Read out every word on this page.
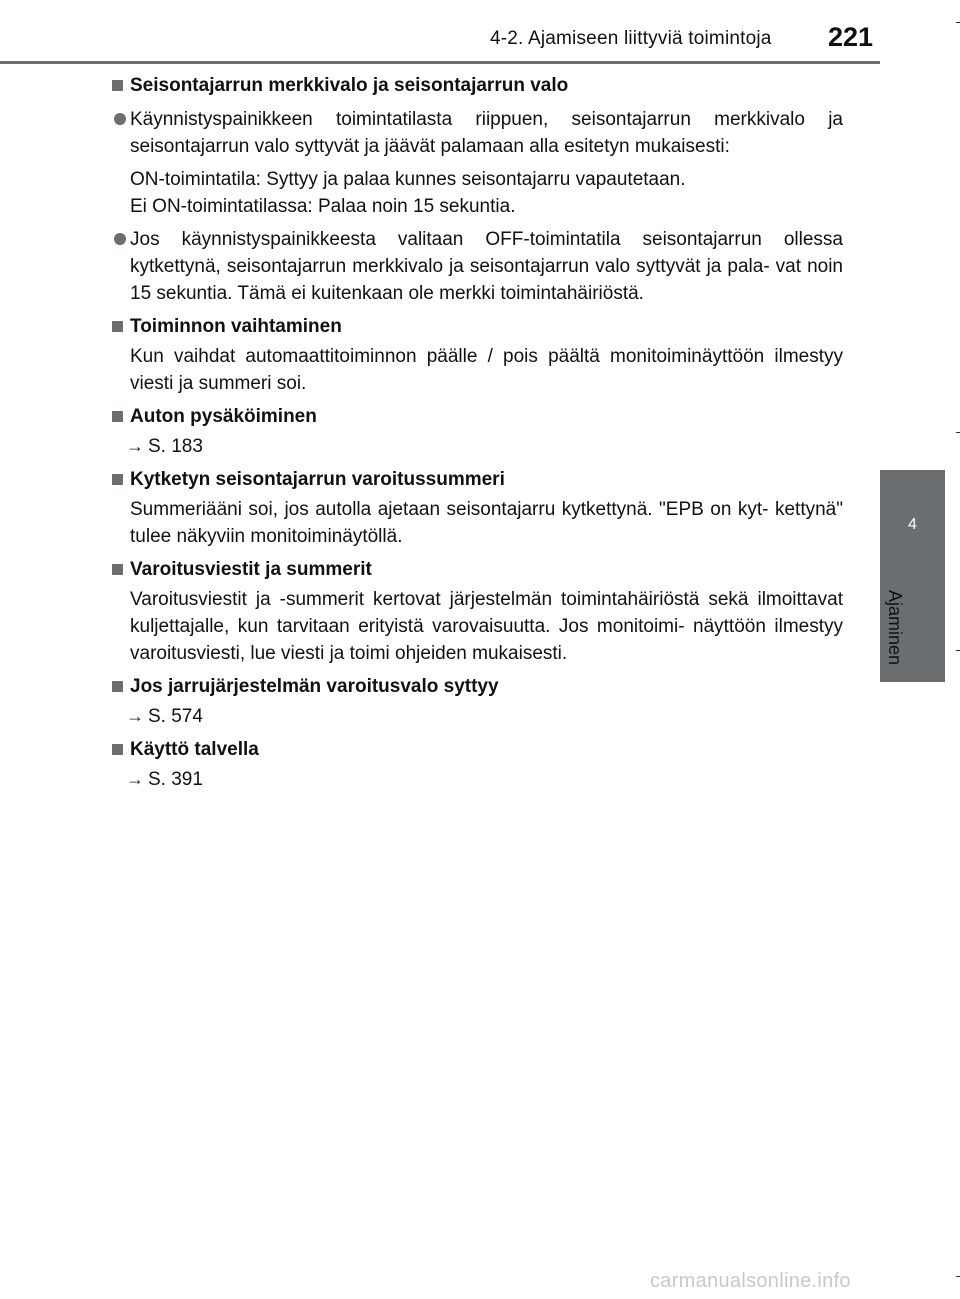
4-2. Ajamiseen liittyviä toimintoja 221
4
Ajaminen

Seisontajarrun merkkivalo ja seisontajarrun valo

Käynnistyspainikkeen toimintatilasta riippuen, seisontajarrun merkkivalo ja seisontajarrun valo syttyvät ja jäävät palamaan alla esitetyn mukaisesti:

ON-toimintatila: Syttyy ja palaa kunnes seisontajarru vapautetaan.
Ei ON-toimintatilassa: Palaa noin 15 sekuntia.

Jos käynnistyspainikkeesta valitaan OFF-toimintatila seisontajarrun ollessa kytkettynä, seisontajarrun merkkivalo ja seisontajarrun valo syttyvät ja pala- vat noin 15 sekuntia. Tämä ei kuitenkaan ole merkki toimintahäiriöstä.

Toiminnon vaihtaminen

Kun vaihdat automaattitoiminnon päälle / pois päältä monitoiminäyttöön ilmestyy viesti ja summeri soi.

Auton pysäköiminen

→ S. 183

Kytketyn seisontajarrun varoitussummeri

Summeriääni soi, jos autolla ajetaan seisontajarru kytkettynä. "EPB on kyt- kettynä" tulee näkyviin monitoiminäytöllä.

Varoitusviestit ja summerit

Varoitusviestit ja -summerit kertovat järjestelmän toimintahäiriöstä sekä ilmoittavat kuljettajalle, kun tarvitaan erityistä varovaisuutta. Jos monitoimi- näyttöön ilmestyy varoitusviesti, lue viesti ja toimi ohjeiden mukaisesti.

Jos jarrujärjestelmän varoitusvalo syttyy

→ S. 574

Käyttö talvella

→ S. 391

carmanualsonline.info
